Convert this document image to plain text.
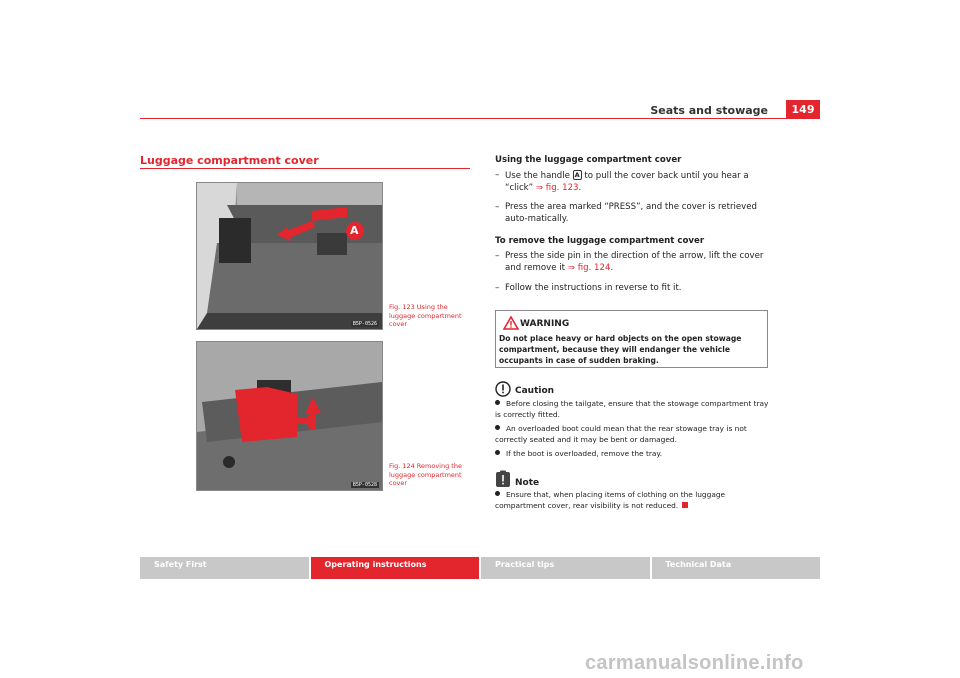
Seats and stowage	149
Luggage compartment cover
A
B5P-0526
Fig. 123 Using the luggage compartment cover
B5P-0528
Fig. 124 Removing the luggage compartment cover
Using the luggage compartment cover
– Use the handle A to pull the cover back until you hear a “click” ⇒ fig. 123.
– Press the area marked “PRESS”, and the cover is retrieved auto-matically.
To remove the luggage compartment cover
– Press the side pin in the direction of the arrow, lift the cover and remove it ⇒ fig. 124.
– Follow the instructions in reverse to fit it.
WARNING
Do not place heavy or hard objects on the open stowage compartment, because they will endanger the vehicle occupants in case of sudden braking.
Caution
Before closing the tailgate, ensure that the stowage compartment tray is correctly fitted.
An overloaded boot could mean that the rear stowage tray is not correctly seated and it may be bent or damaged.
If the boot is overloaded, remove the tray.
Note
Ensure that, when placing items of clothing on the luggage compartment cover, rear visibility is not reduced.
Safety First	Operating instructions	Practical tips	Technical Data
carmanualsonline.info
